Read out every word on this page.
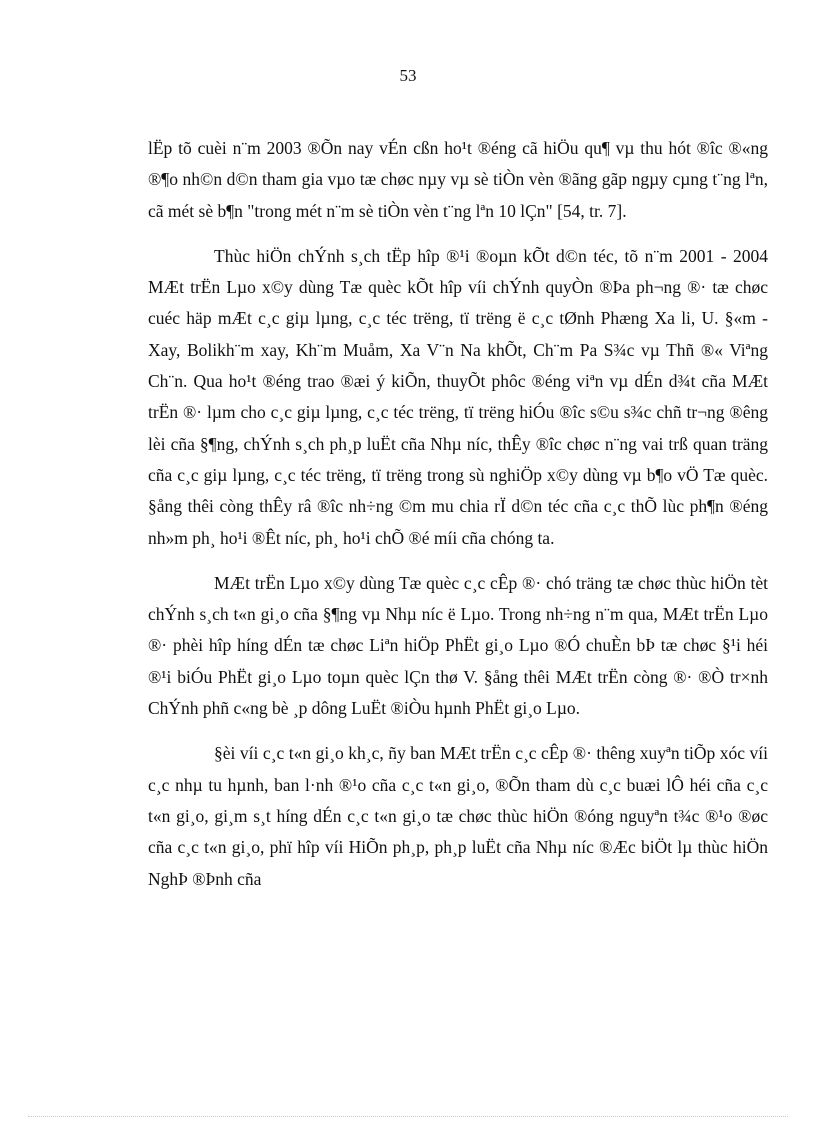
53

lËp tõ cuèi n¨m 2003 ®Õn nay vÉn cßn ho¹t ®éng cã hiÖu qu¶ vµ thu hót ®îc ®«ng ®¶o nh©n d©n tham gia vµo tæ chøc nµy vµ sè tiÒn vèn ®ãng gãp ngµy cµng t¨ng lªn, cã mét sè b¶n "trong mét n¨m sè tiÒn vèn t¨ng lªn 10 lÇn" [54, tr. 7].

Thùc hiÖn chÝnh s¸ch tËp hîp ®¹i ®oµn kÕt d©n téc, tõ n¨m 2001 - 2004 MÆt trËn Lµo x©y dùng Tæ quèc kÕt hîp víi chÝnh quyÒn ®Þa ph¬ng ®· tæ chøc cuéc häp mÆt c¸c giµ lµng, c¸c téc trëng, tï trëng ë c¸c tØnh Phæng Xa li, U. §«m - Xay, Bolikh¨m xay, Kh¨m Muåm, Xa V¨n Na khÕt, Ch¨m Pa S¾c vµ Thñ ®« Viªng Ch¨n. Qua ho¹t ®éng trao ®æi ý kiÕn, thuyÕt phôc ®éng viªn vµ dÉn d¾t cña MÆt trËn ®· lµm cho c¸c giµ lµng, c¸c téc trëng, tï trëng hiÓu ®îc s©u s¾c chñ tr¬ng ®êng lèi cña §¶ng, chÝnh s¸ch ph¸p luËt cña Nhµ níc, thÊy ®îc chøc n¨ng vai trß quan träng cña c¸c giµ lµng, c¸c téc trëng, tï trëng trong sù nghiÖp x©y dùng vµ b¶o vÖ Tæ quèc. §ång thêi còng thÊy râ ®îc nh÷ng ©m mu chia rÏ d©n téc cña c¸c thÕ lùc ph¶n ®éng nh»m ph¸ ho¹i ®Êt níc, ph¸ ho¹i chÕ ®é míi cña chóng ta.

MÆt trËn Lµo x©y dùng Tæ quèc c¸c cÊp ®· chó träng tæ chøc thùc hiÖn tèt chÝnh s¸ch t«n gi¸o cña §¶ng vµ Nhµ níc ë Lµo. Trong nh÷ng n¨m qua, MÆt trËn Lµo ®· phèi hîp híng dÉn tæ chøc Liªn hiÖp PhËt gi¸o Lµo ®Ó chuÈn bÞ tæ chøc §¹i héi ®¹i biÓu PhËt gi¸o Lµo toµn quèc lÇn thø V. §ång thêi MÆt trËn còng ®· ®Ò tr×nh ChÝnh phñ c«ng bè ¸p dông LuËt ®iÒu hµnh PhËt gi¸o Lµo.

§èi víi c¸c t«n gi¸o kh¸c, ñy ban MÆt trËn c¸c cÊp ®· thêng xuyªn tiÕp xóc víi c¸c nhµ tu hµnh, ban l·nh ®¹o cña c¸c t«n gi¸o, ®Õn tham dù c¸c buæi lÔ héi cña c¸c t«n gi¸o, gi¸m s¸t híng dÉn c¸c t«n gi¸o tæ chøc thùc hiÖn ®óng nguyªn t¾c ®¹o ®øc cña c¸c t«n gi¸o, phï hîp víi HiÕn ph¸p, ph¸p luËt cña Nhµ níc ®Æc biÖt lµ thùc hiÖn NghÞ ®Þnh cña
